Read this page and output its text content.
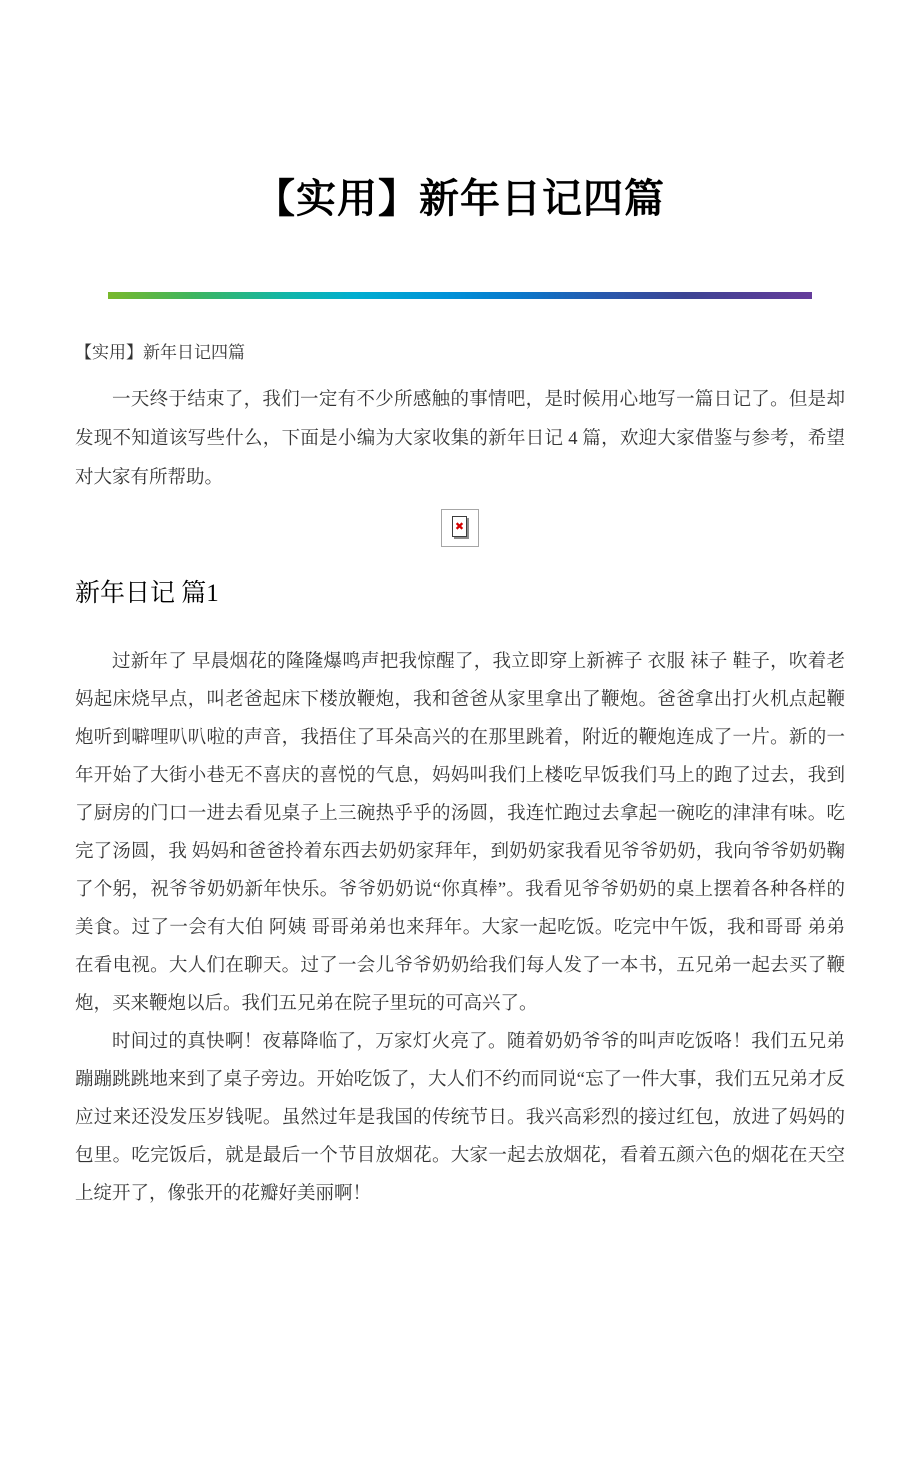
【实用】新年日记四篇

【实用】新年日记四篇

一天终于结束了，我们一定有不少所感触的事情吧，是时候用心地写一篇日记了。但是却发现不知道该写些什么，下面是小编为大家收集的新年日记 4 篇，欢迎大家借鉴与参考，希望对大家有所帮助。

✖
新年日记 篇1

过新年了 早晨烟花的隆隆爆鸣声把我惊醒了，我立即穿上新裤子 衣服 袜子 鞋子，吹着老妈起床烧早点，叫老爸起床下楼放鞭炮，我和爸爸从家里拿出了鞭炮。爸爸拿出打火机点起鞭炮听到噼哩叭叭啦的声音，我捂住了耳朵高兴的在那里跳着，附近的鞭炮连成了一片。新的一年开始了大街小巷无不喜庆的喜悦的气息，妈妈叫我们上楼吃早饭我们马上的跑了过去，我到了厨房的门口一进去看见桌子上三碗热乎乎的汤圆，我连忙跑过去拿起一碗吃的津津有味。吃完了汤圆，我 妈妈和爸爸拎着东西去奶奶家拜年，到奶奶家我看见爷爷奶奶，我向爷爷奶奶鞠了个躬，祝爷爷奶奶新年快乐。爷爷奶奶说“你真棒”。我看见爷爷奶奶的桌上摆着各种各样的美食。过了一会有大伯 阿姨 哥哥弟弟也来拜年。大家一起吃饭。吃完中午饭，我和哥哥 弟弟在看电视。大人们在聊天。过了一会儿爷爷奶奶给我们每人发了一本书，五兄弟一起去买了鞭炮，买来鞭炮以后。我们五兄弟在院子里玩的可高兴了。

时间过的真快啊！夜幕降临了，万家灯火亮了。随着奶奶爷爷的叫声吃饭咯！我们五兄弟蹦蹦跳跳地来到了桌子旁边。开始吃饭了，大人们不约而同说“忘了一件大事，我们五兄弟才反应过来还没发压岁钱呢。虽然过年是我国的传统节日。我兴高彩烈的接过红包，放进了妈妈的包里。吃完饭后，就是最后一个节目放烟花。大家一起去放烟花，看着五颜六色的烟花在天空上绽开了，像张开的花瓣好美丽啊！
